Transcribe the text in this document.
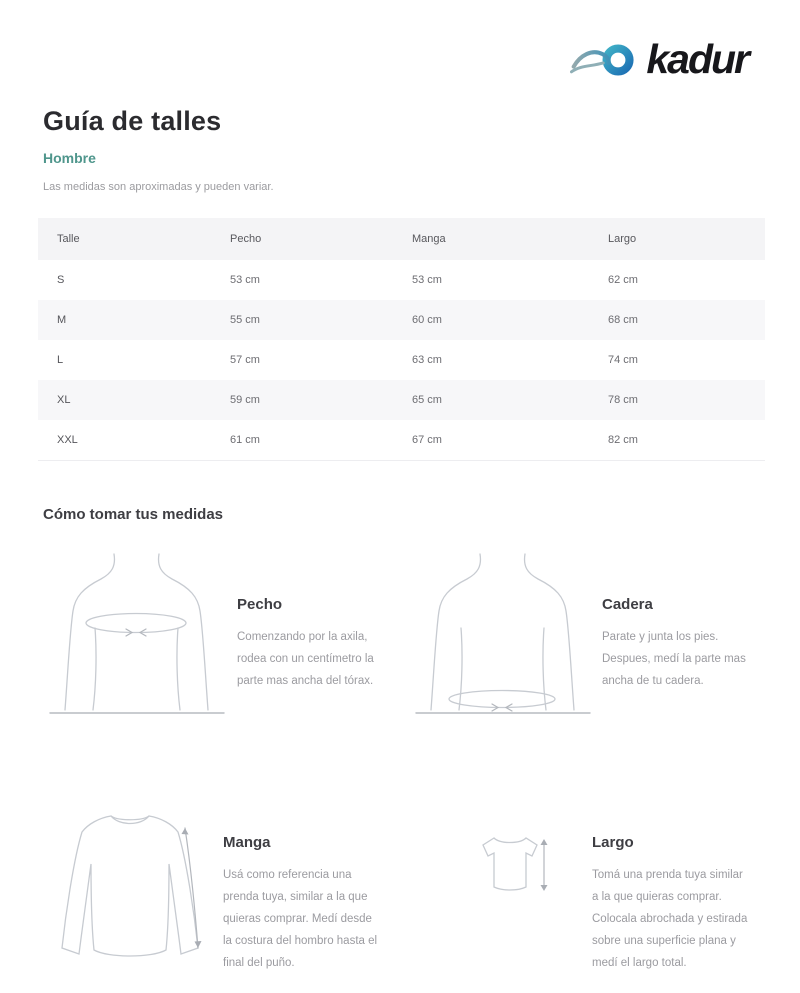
kadur
Guía de talles
Hombre
Las medidas son aproximadas y pueden variar.
Talle	Pecho	Manga	Largo
S	53 cm	53 cm	62 cm
M	55 cm	60 cm	68 cm
L	57 cm	63 cm	74 cm
XL	59 cm	65 cm	78 cm
XXL	61 cm	67 cm	82 cm
Cómo tomar tus medidas
Pecho
Comenzando por la axila, rodea con un centímetro la parte mas ancha del tórax.
Cadera
Parate y junta los pies. Despues, medí la parte mas ancha de tu cadera.
Manga
Usá como referencia una prenda tuya, similar a la que quieras comprar. Medí desde la costura del hombro hasta el final del puño.
Largo
Tomá una prenda tuya similar a la que quieras comprar. Colocala abrochada y estirada sobre una superficie plana y medí el largo total.
